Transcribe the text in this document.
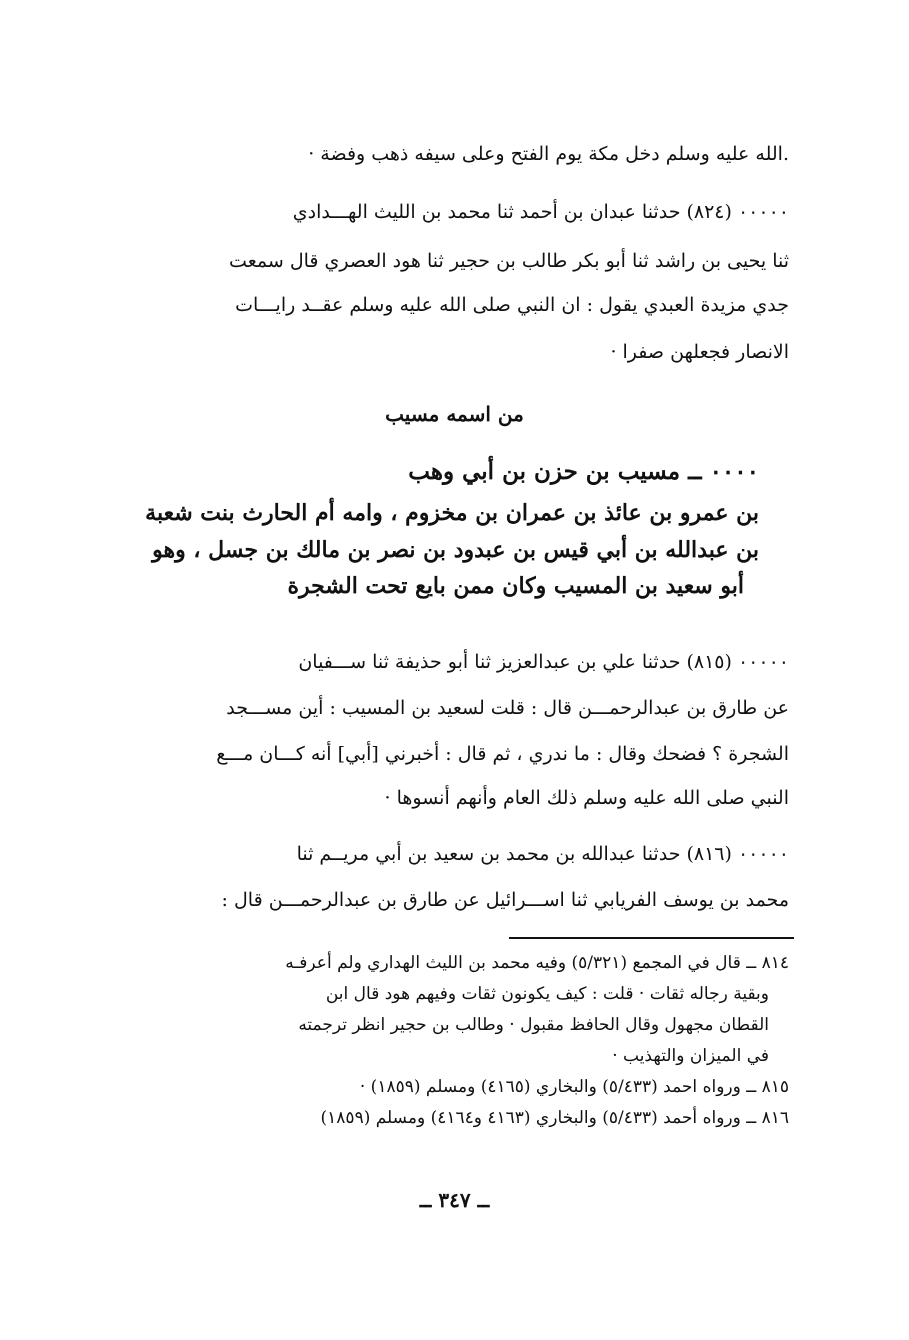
.الله عليه وسلم دخل مكة يوم الفتح وعلى سيفه ذهب وفضة ·
٠٠٠٠٠ (٨٢٤) حدثنا عبدان بن أحمد ثنا محمد بن الليث الهـــدادي
ثنا يحيى بن راشد ثنا أبو بكر طالب بن حجير ثنا هود العصري قال سمعت
جدي مزيدة العبدي يقول : ان النبي صلى الله عليه وسلم عقــد رايـــات
الانصار فجعلهن صفرا ·
من اسمه مسيب
٠٠٠٠ ــ مسيب بن حزن بن أبي وهب
بن عمرو بن عائذ بن عمران بن مخزوم ، وامه أم الحارث بنت شعبة
بن عبدالله بن أبي قيس بن عبدود بن نصر بن مالك بن جسل ، وهو
أبو سعيد بن المسيب وكان ممن بايع تحت الشجرة
٠٠٠٠٠ (٨١٥) حدثنا علي بن عبدالعزيز ثنا أبو حذيفة ثنا ســـفيان
عن طارق بن عبدالرحمـــن قال : قلت لسعيد بن المسيب : أين مســـجد
الشجرة ؟ فضحك وقال : ما ندري ، ثم قال : أخبرني [أبي] أنه كـــان مـــع
النبي صلى الله عليه وسلم ذلك العام وأنهم أنسوها ·
٠٠٠٠٠ (٨١٦) حدثنا عبدالله بن محمد بن سعيد بن أبي مريــم ثنا
محمد بن يوسف الفريابي ثنا اســـرائيل عن طارق بن عبدالرحمـــن قال :
٨١٤ ــ قال في المجمع (٥/٣٢١) وفيه محمد بن الليث الهداري ولم أعرفـه
وبقية رجاله ثقات · قلت : كيف يكونون ثقات وفيهم هود قال ابن
القطان مجهول وقال الحافظ مقبول · وطالب بن حجير انظر ترجمته
في الميزان والتهذيب ·
٨١٥ ــ ورواه احمد (٥/٤٣٣) والبخاري (٤١٦٥) ومسلم (١٨٥٩) ·
٨١٦ ــ ورواه أحمد (٥/٤٣٣) والبخاري (٤١٦٣ و٤١٦٤) ومسلم (١٨٥٩)
ــ ٣٤٧ ــ
